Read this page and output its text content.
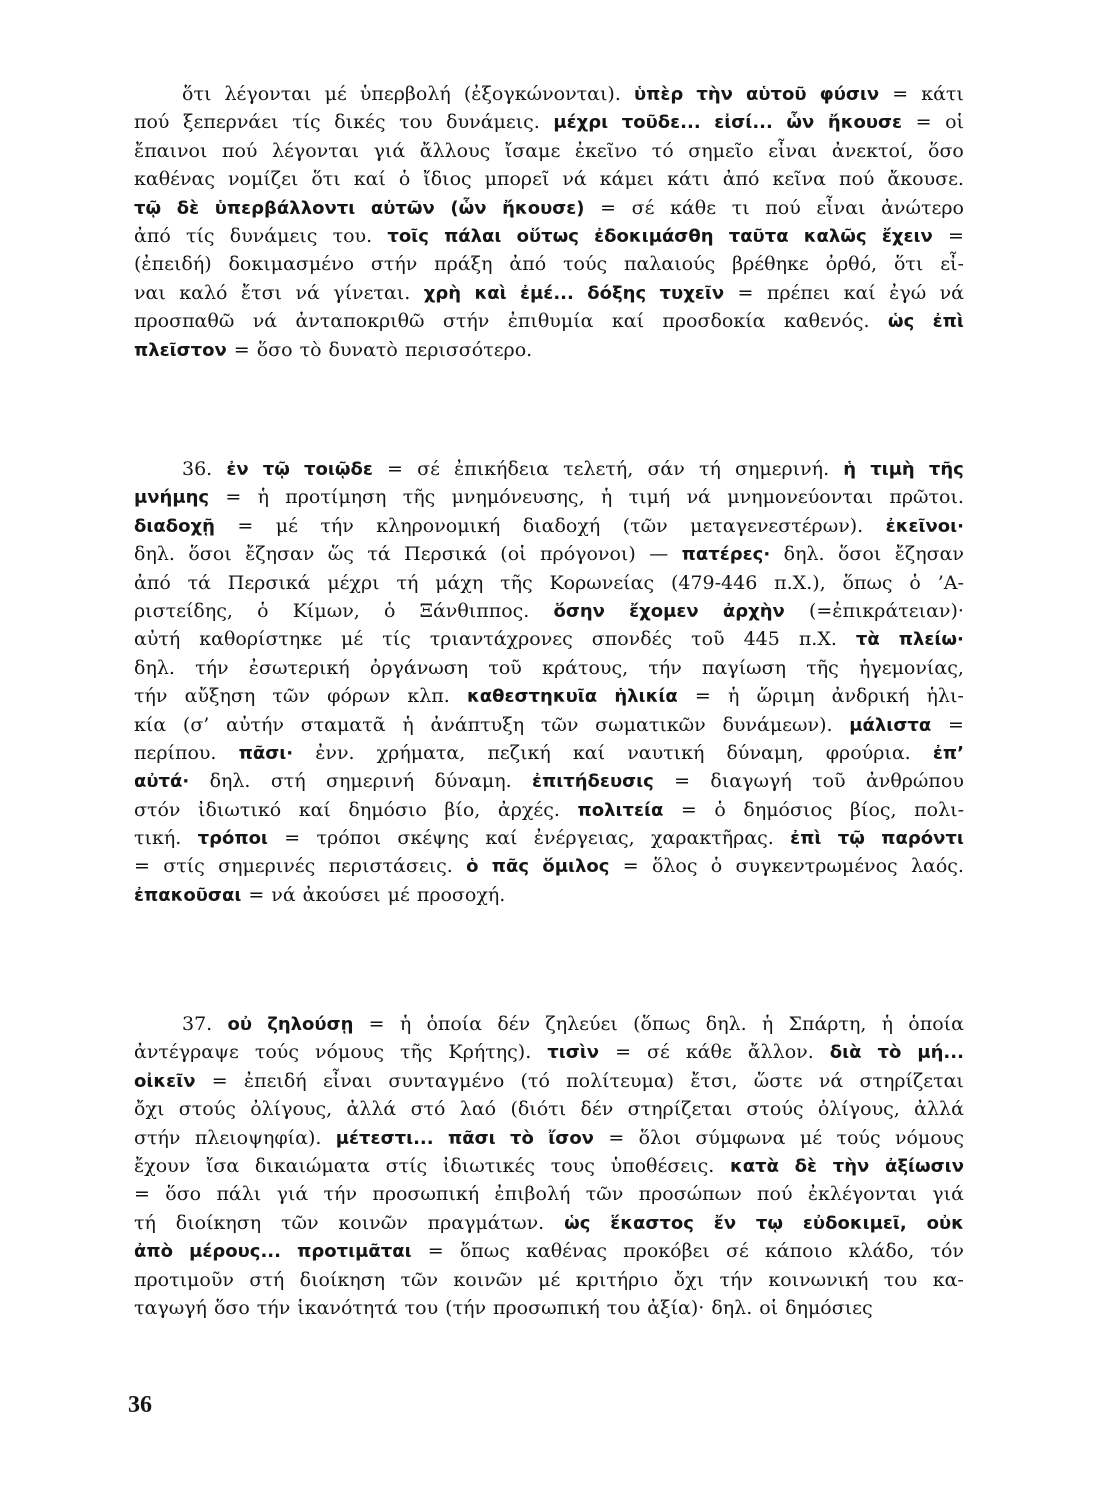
ὅτι λέγονται μέ ὑπερβολή (ἐξογκώνονται). ὑπὲρ τὴν αὑτοῦ φύσιν = κάτι
πού ξεπερνάει τίς δικές του δυνάμεις. μέχρι τοῦδε... εἰσί... ὧν ἤκουσε = οἱ
ἔπαινοι πού λέγονται γιά ἄλλους ἴσαμε ἐκεῖνο τό σημεῖο εἶναι ἀνεκτοί, ὅσο
καθένας νομίζει ὅτι καί ὁ ἴδιος μπορεῖ νά κάμει κάτι ἀπό κεῖνα πού ἄκουσε.
τῷ δὲ ὑπερβάλλοντι αὐτῶν (ὧν ἤκουσε) = σέ κάθε τι πού εἶναι ἀνώτερο
ἀπό τίς δυνάμεις του. τοῖς πάλαι οὕτως ἐδοκιμάσθη ταῦτα καλῶς ἔχειν =
(ἐπειδή) δοκιμασμένο στήν πράξη ἀπό τούς παλαιούς βρέθηκε ὀρθό, ὅτι εἶ-
ναι καλό ἔτσι νά γίνεται. χρὴ καὶ ἐμέ... δόξης τυχεῖν = πρέπει καί ἐγώ νά
προσπαθῶ νά ἀνταποκριθῶ στήν ἐπιθυμία καί προσδοκία καθενός. ὡς ἐπὶ
πλεῖστον = ὅσο τὸ δυνατὸ περισσότερο.
36. ἐν τῷ τοιῷδε = σέ ἐπικήδεια τελετή, σάν τή σημερινή. ἡ τιμὴ τῆς
μνήμης = ἡ προτίμηση τῆς μνημόνευσης, ἡ τιμή νά μνημονεύονται πρῶτοι.
διαδοχῇ = μέ τήν κληρονομική διαδοχή (τῶν μεταγενεστέρων). ἐκεῖνοι·
δηλ. ὅσοι ἔζησαν ὥς τά Περσικά (οἱ πρόγονοι) — πατέρες· δηλ. ὅσοι ἔζησαν
ἀπό τά Περσικά μέχρι τή μάχη τῆς Κορωνείας (479-446 π.Χ.), ὅπως ὁ ’Α-
ριστείδης, ὁ Κίμων, ὁ Ξάνθιππος. ὅσην ἔχομεν ἀρχὴν (=ἐπικράτειαν)·
αὐτή καθορίστηκε μέ τίς τριαντάχρονες σπονδές τοῦ 445 π.Χ. τὰ πλείω·
δηλ. τήν ἐσωτερική ὀργάνωση τοῦ κράτους, τήν παγίωση τῆς ἡγεμονίας,
τήν αὔξηση τῶν φόρων κλπ. καθεστηκυῖα ἡλικία = ἡ ὥριμη ἀνδρική ἡλι-
κία (σ’ αὐτήν σταματᾶ ἡ ἀνάπτυξη τῶν σωματικῶν δυνάμεων). μάλιστα =
περίπου. πᾶσι· ἐνν. χρήματα, πεζική καί ναυτική δύναμη, φρούρια. ἐπ’
αὐτά· δηλ. στή σημερινή δύναμη. ἐπιτήδευσις = διαγωγή τοῦ ἀνθρώπου
στόν ἰδιωτικό καί δημόσιο βίο, ἀρχές. πολιτεία = ὁ δημόσιος βίος, πολι-
τική. τρόποι = τρόποι σκέψης καί ἐνέργειας, χαρακτῆρας. ἐπὶ τῷ παρόντι
= στίς σημερινές περιστάσεις. ὁ πᾶς ὅμιλος = ὅλος ὁ συγκεντρωμένος λαός.
ἐπακοῦσαι = νά ἀκούσει μέ προσοχή.
37. οὐ ζηλούσῃ = ἡ ὁποία δέν ζηλεύει (ὅπως δηλ. ἡ Σπάρτη, ἡ ὁποία
ἀντέγραψε τούς νόμους τῆς Κρήτης). τισὶν = σέ κάθε ἄλλον. διὰ τὸ μή...
οἰκεῖν = ἐπειδή εἶναι συνταγμένο (τό πολίτευμα) ἔτσι, ὥστε νά στηρίζεται
ὄχι στούς ὀλίγους, ἀλλά στό λαό (διότι δέν στηρίζεται στούς ὀλίγους, ἀλλά
στήν πλειοψηφία). μέτεστι... πᾶσι τὸ ἴσον = ὅλοι σύμφωνα μέ τούς νόμους
ἔχουν ἴσα δικαιώματα στίς ἰδιωτικές τους ὑποθέσεις. κατὰ δὲ τὴν ἀξίωσιν
= ὅσο πάλι γιά τήν προσωπική ἐπιβολή τῶν προσώπων πού ἐκλέγονται γιά
τή διοίκηση τῶν κοινῶν πραγμάτων. ὡς ἕκαστος ἔν τῳ εὐδοκιμεῖ, οὐκ
ἀπὸ μέρους... προτιμᾶται = ὅπως καθένας προκόβει σέ κάποιο κλάδο, τόν
προτιμοῦν στή διοίκηση τῶν κοινῶν μέ κριτήριο ὄχι τήν κοινωνική του κα-
ταγωγή ὅσο τήν ἱκανότητά του (τήν προσωπική του ἀξία)· δηλ. οἱ δημόσιες
36
